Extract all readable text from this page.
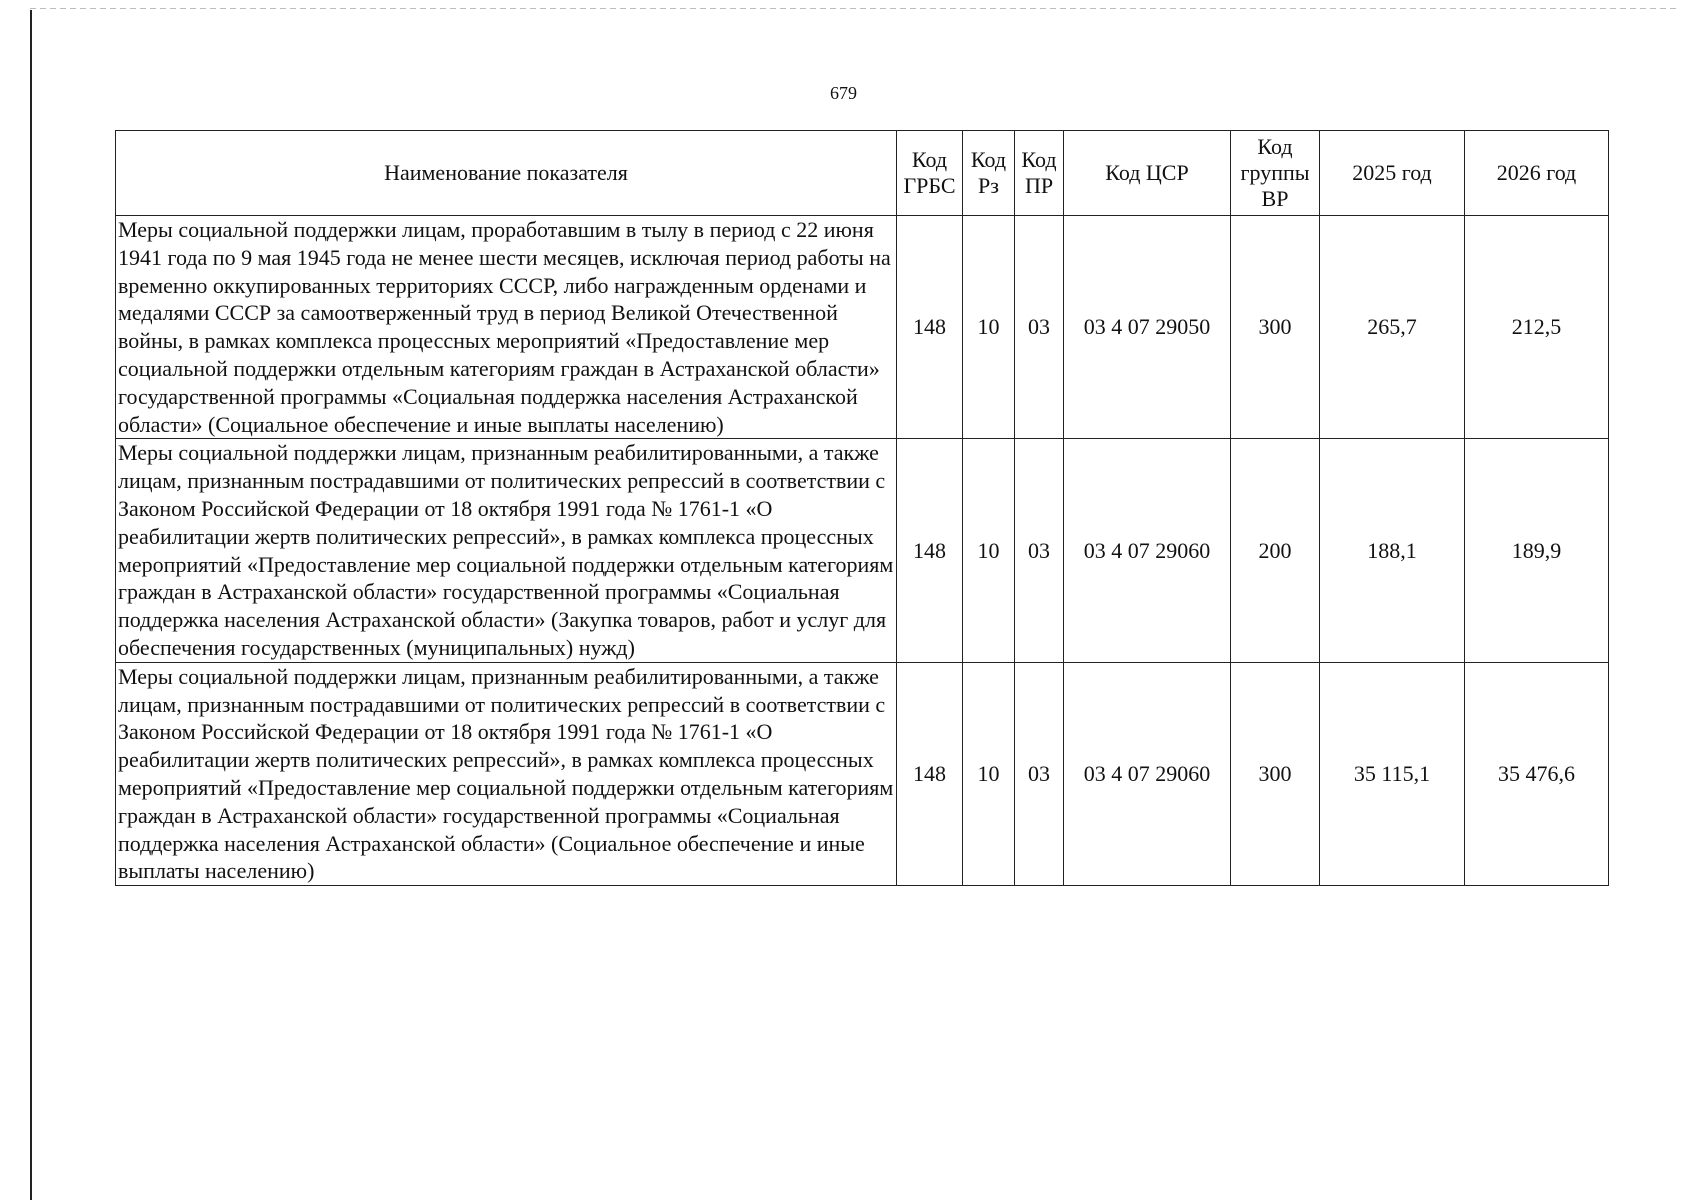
679
Наименование показателя	Код ГРБС	Код Рз	Код ПР	Код ЦСР	Код группы ВР	2025 год	2026 год
Меры социальной поддержки лицам, проработавшим в тылу в период с 22 июня 1941 года по 9 мая 1945 года не менее шести месяцев, исключая период работы на временно оккупированных территориях СССР, либо награжденным орденами и медалями СССР за самоотверженный труд в период Великой Отечественной войны, в рамках комплекса процессных мероприятий «Предоставление мер социальной поддержки отдельным категориям граждан в Астраханской области» государственной программы «Социальная поддержка населения Астраханской области» (Социальное обеспечение и иные выплаты населению)	148	10	03	03 4 07 29050	300	265,7	212,5
Меры социальной поддержки лицам, признанным реабилитированными, а также лицам, признанным пострадавшими от политических репрессий в соответствии с Законом Российской Федерации от 18 октября 1991 года № 1761-1 «О реабилитации жертв политических репрессий», в рамках комплекса процессных мероприятий «Предоставление мер социальной поддержки отдельным категориям граждан в Астраханской области» государственной программы «Социальная поддержка населения Астраханской области» (Закупка товаров, работ и услуг для обеспечения государственных (муниципальных) нужд)	148	10	03	03 4 07 29060	200	188,1	189,9
Меры социальной поддержки лицам, признанным реабилитированными, а также лицам, признанным пострадавшими от политических репрессий в соответствии с Законом Российской Федерации от 18 октября 1991 года № 1761-1 «О реабилитации жертв политических репрессий», в рамках комплекса процессных мероприятий «Предоставление мер социальной поддержки отдельным категориям граждан в Астраханской области» государственной программы «Социальная поддержка населения Астраханской области» (Социальное обеспечение и иные выплаты населению)	148	10	03	03 4 07 29060	300	35 115,1	35 476,6
